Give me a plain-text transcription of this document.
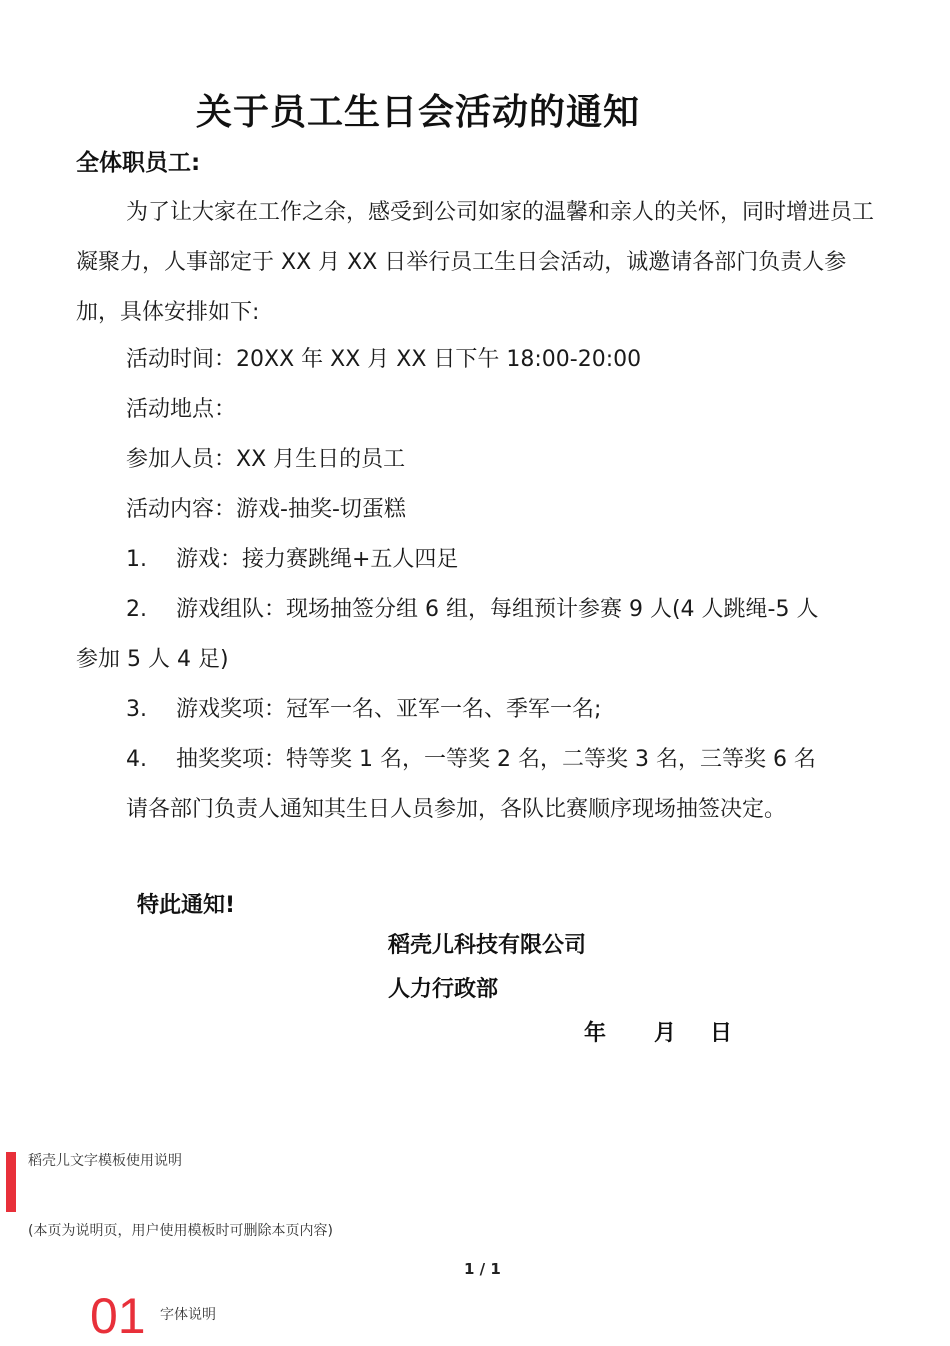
关于员工生日会活动的通知
全体职员工:
为了让大家在工作之余，感受到公司如家的温馨和亲人的关怀，同时增进员工凝聚力，人事部定于 XX 月 XX 日举行员工生日会活动，诚邀请各部门负责人参加，具体安排如下:
活动时间：20XX 年 XX 月 XX 日下午 18:00-20:00
活动地点：
参加人员：XX 月生日的员工
活动内容：游戏-抽奖-切蛋糕
1. 游戏：接力赛跳绳+五人四足
2. 游戏组队：现场抽签分组 6 组，每组预计参赛 9 人(4 人跳绳-5 人
参加 5 人 4 足)
3. 游戏奖项：冠军一名、亚军一名、季军一名;
4. 抽奖奖项：特等奖 1 名，一等奖 2 名，二等奖 3 名，三等奖 6 名
请各部门负责人通知其生日人员参加，各队比赛顺序现场抽签决定。
特此通知!
稻壳儿科技有限公司
人力行政部
年 月 日
稻壳儿文字模板使用说明
(本页为说明页，用户使用模板时可删除本页内容)
1 / 1
01 字体说明
